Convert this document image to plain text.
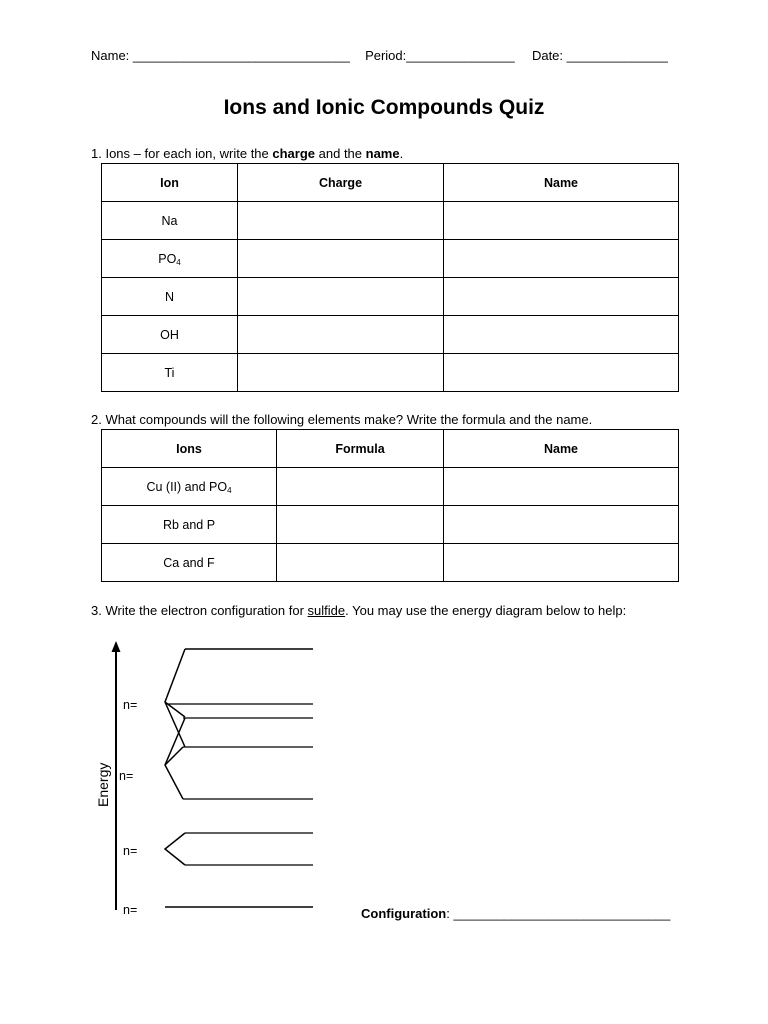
Name: ______________________________ Period:_______________ Date: ______________
Ions and Ionic Compounds Quiz
1. Ions – for each ion, write the charge and the name.
Ion	Charge	Name
Na		
$PO_4$		
N		
OH		
Ti		
2. What compounds will the following elements make? Write the formula and the name.
Ions	Formula	Name
Cu (II) and $PO_4$		
Rb and P		
Ca and F		
3. Write the electron configuration for sulfide. You may use the energy diagram below to help:
Energy
n=
n=
n=
n=	Configuration: ______________________________
